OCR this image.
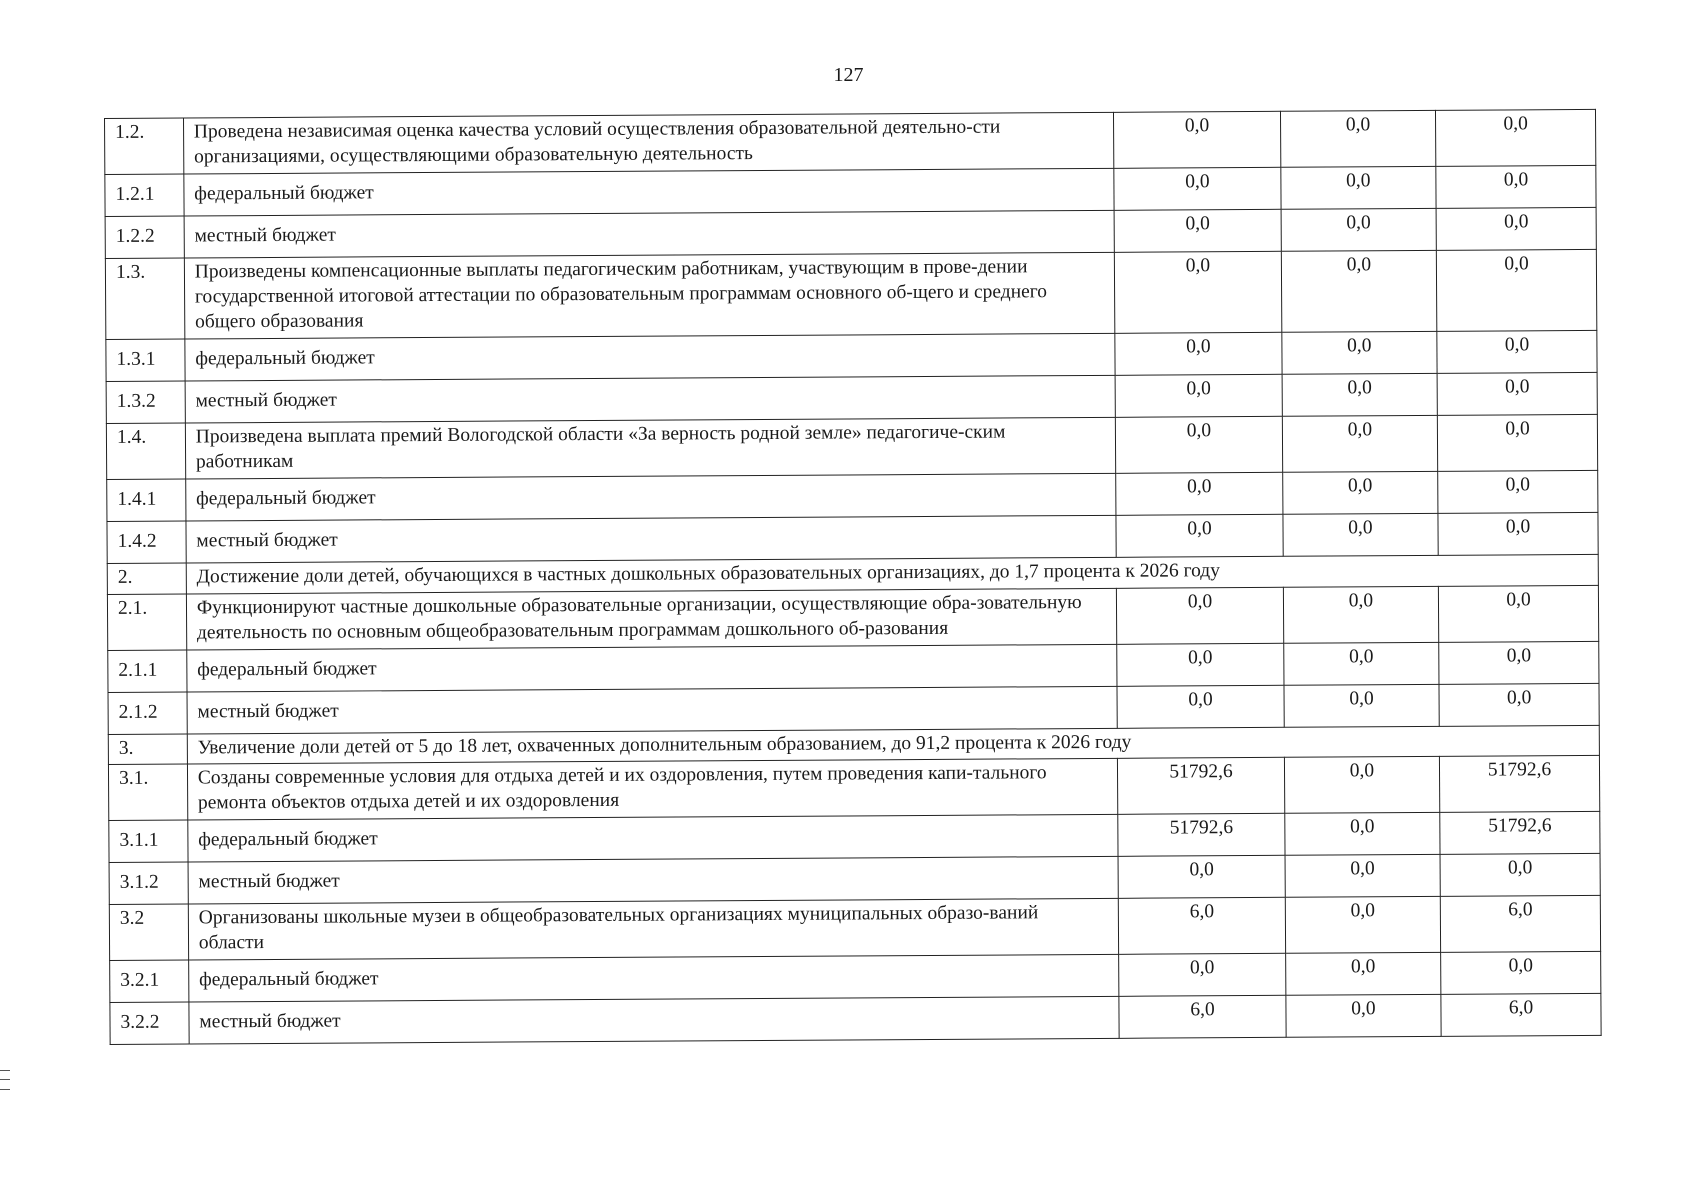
127
1.2.	Проведена независимая оценка качества условий осуществления образовательной деятельно-сти организациями, осуществляющими образовательную деятельность	0,0	0,0	0,0
1.2.1	федеральный бюджет	0,0	0,0	0,0
1.2.2	местный бюджет	0,0	0,0	0,0
1.3.	Произведены компенсационные выплаты педагогическим работникам, участвующим в прове-дении государственной итоговой аттестации по образовательным программам основного об-щего и среднего общего образования	0,0	0,0	0,0
1.3.1	федеральный бюджет	0,0	0,0	0,0
1.3.2	местный бюджет	0,0	0,0	0,0
1.4.	Произведена выплата премий Вологодской области «За верность родной земле» педагогиче-ским работникам	0,0	0,0	0,0
1.4.1	федеральный бюджет	0,0	0,0	0,0
1.4.2	местный бюджет	0,0	0,0	0,0
2.	Достижение доли детей, обучающихся в частных дошкольных образовательных организациях, до 1,7 процента к 2026 году			
2.1.	Функционируют частные дошкольные образовательные организации, осуществляющие обра-зовательную деятельность по основным общеобразовательным программам дошкольного об-разования	0,0	0,0	0,0
2.1.1	федеральный бюджет	0,0	0,0	0,0
2.1.2	местный бюджет	0,0	0,0	0,0
3.	Увеличение доли детей от 5 до 18 лет, охваченных дополнительным образованием, до 91,2 процента к 2026 году			
3.1.	Созданы современные условия для отдыха детей и их оздоровления, путем проведения капи-тального ремонта объектов отдыха детей и их оздоровления	51792,6	0,0	51792,6
3.1.1	федеральный бюджет	51792,6	0,0	51792,6
3.1.2	местный бюджет	0,0	0,0	0,0
3.2	Организованы школьные музеи в общеобразовательных организациях муниципальных образо-ваний области	6,0	0,0	6,0
3.2.1	федеральный бюджет	0,0	0,0	0,0
3.2.2	местный бюджет	6,0	0,0	6,0
